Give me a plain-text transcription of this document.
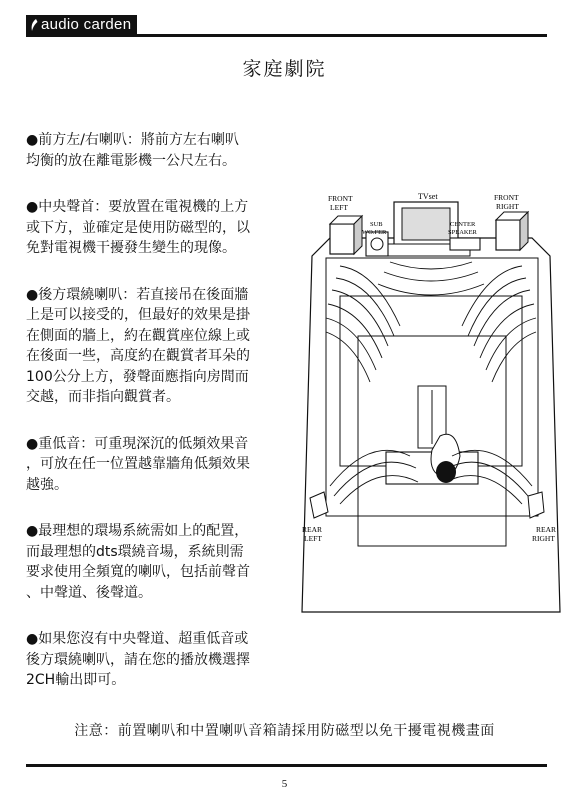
audio carden
家庭劇院

●前方左/右喇叭：將前方左右喇叭
均衡的放在離電影機一公尺左右。

●中央聲首：要放置在電視機的上方
或下方，並確定是使用防磁型的，以
免對電視機干擾發生變生的現像。

●後方環繞喇叭：若直接吊在後面牆
上是可以接受的，但最好的效果是掛
在側面的牆上，約在觀賞座位線上或
在後面一些，高度約在觀賞者耳朵的
100公分上方，發聲面應指向房間而
交越，而非指向觀賞者。

●重低音：可重現深沉的低頻效果音
，可放在任一位置越靠牆角低頻效果
越強。

●最理想的環場系統需如上的配置，
而最理想的dts環繞音場，系統則需
要求使用全頻寬的喇叭，包括前聲首
、中聲道、後聲道。

●如果您沒有中央聲道、超重低音或
後方環繞喇叭，請在您的播放機選擇
2CH輸出即可。

TVset
FRONT
LEFT
FRONT
RIGHT
SUB
WO.FER
CENTER
SPEAKER
REAR
LEFT
REAR
RIGHT
注意：前置喇叭和中置喇叭音箱請採用防磁型以免干擾電視機畫面
5
